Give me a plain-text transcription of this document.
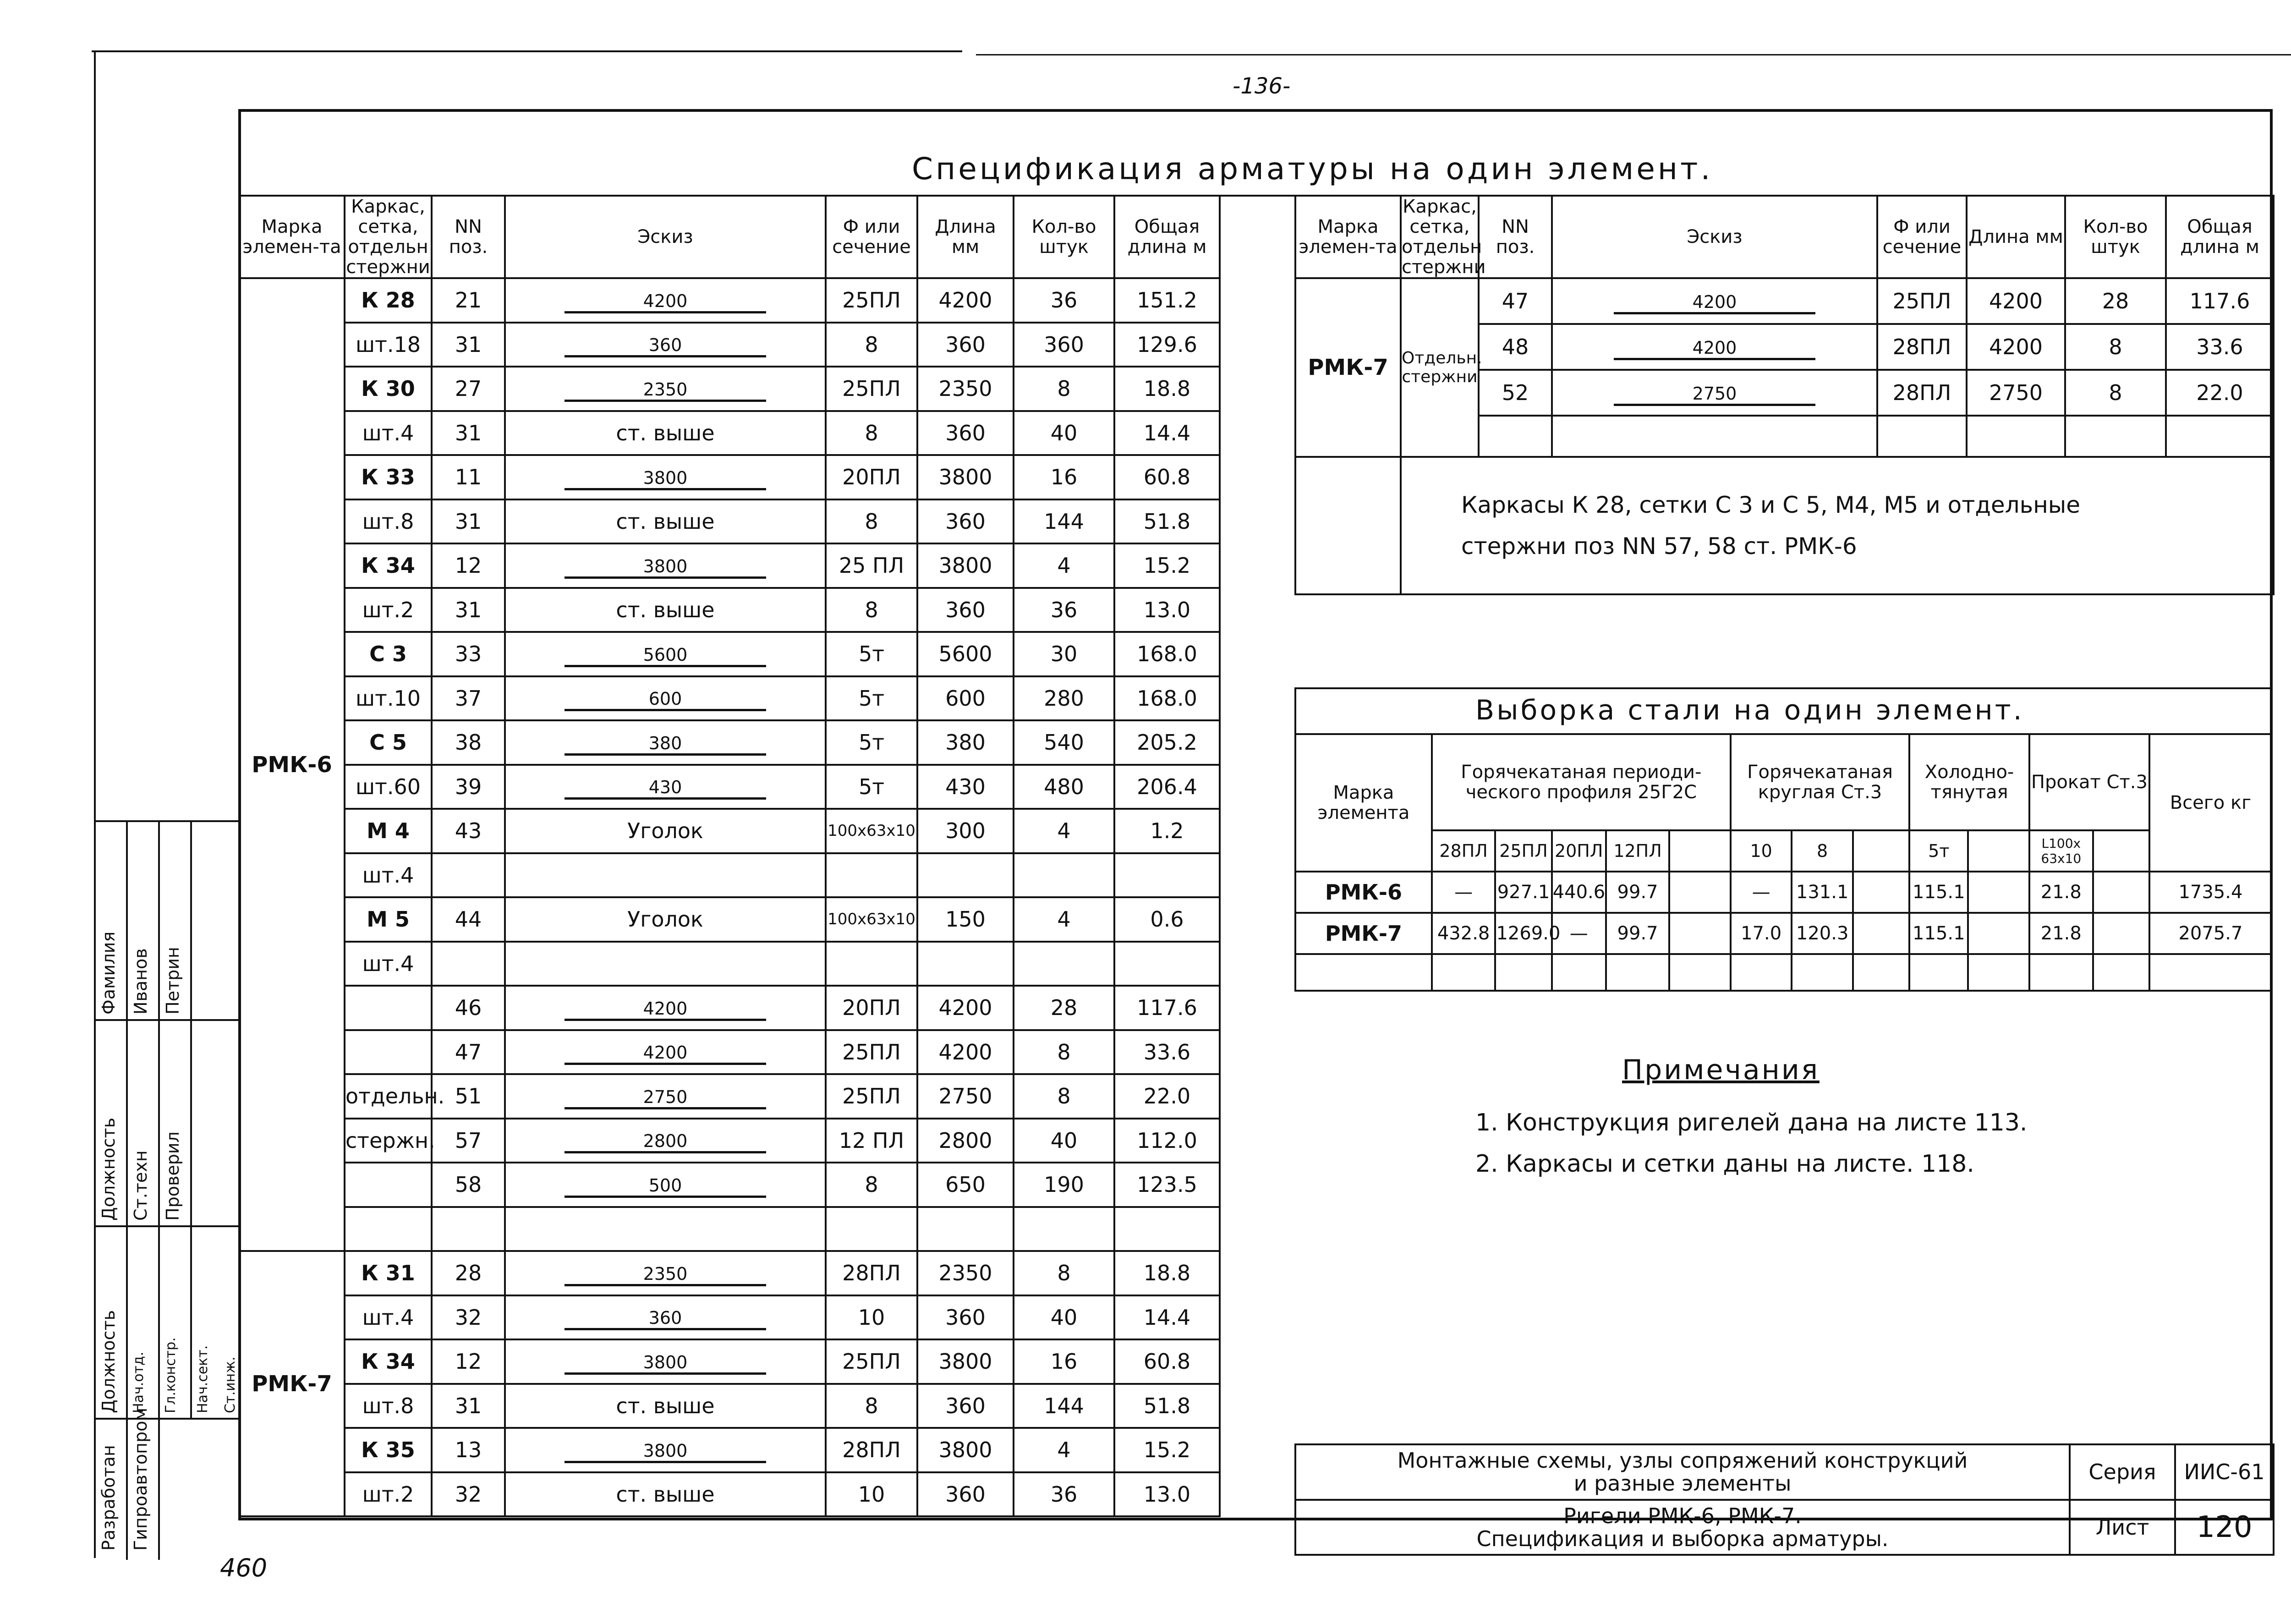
-136-
Спецификация арматуры на один элемент.
Марка элемен-та	Каркас, сетка, отдельн стержни	NN поз.	Эскиз	Ф или сечение	Длина мм	Кол-во штук	Общая длина м
РМК-6	К 28	21	4200	25ПЛ	4200	36	151.2
	шт.18	31	360	8	360	360	129.6
	К 30	27	2350	25ПЛ	2350	8	18.8
	шт.4	31	ст. выше	8	360	40	14.4
	К 33	11	3800	20ПЛ	3800	16	60.8
	шт.8	31	ст. выше	8	360	144	51.8
	К 34	12	3800	25 ПЛ	3800	4	15.2
	шт.2	31	ст. выше	8	360	36	13.0
	С 3	33	5600	5т	5600	30	168.0
	шт.10	37	600	5т	600	280	168.0
	С 5	38	380	5т	380	540	205.2
	шт.60	39	430	5т	430	480	206.4
	М 4	43	Уголок	100х63х10	300	4	1.2
	шт.4						
	М 5	44	Уголок	100х63х10	150	4	0.6
	шт.4						
		46	4200	20ПЛ	4200	28	117.6
		47	4200	25ПЛ	4200	8	33.6
	отдельн.	51	2750	25ПЛ	2750	8	22.0
	стержн.	57	2800	12 ПЛ	2800	40	112.0
		58	500	8	650	190	123.5

РМК-7	К 31	28	2350	28ПЛ	2350	8	18.8
	шт.4	32	360	10	360	40	14.4
	К 34	12	3800	25ПЛ	3800	16	60.8
	шт.8	31	ст. выше	8	360	144	51.8
	К 35	13	3800	28ПЛ	3800	4	15.2
	шт.2	32	ст. выше	10	360	36	13.0
Марка элемен-та	Каркас, сетка, отдельн стержни	NN поз.	Эскиз	Ф или сечение	Длина мм	Кол-во штук	Общая длина м
РМК-7	Отдельн. стержни	47	4200	25ПЛ	4200	28	117.6
		48	4200	28ПЛ	4200	8	33.6
		52	2750	28ПЛ	2750	8	22.0

	Каркасы К 28, сетки С 3 и С 5, М4, М5 и отдельные
стержни поз NN 57, 58 ст. РМК-6						
Выборка стали на один элемент.

Марка элемента	Горячекатаная периоди-ческого профиля 25Г2С					Горячекатаная круглая Ст.3			Холодно-тянутая		Прокат Ст.3		Всего кг
	28ПЛ	25ПЛ	20ПЛ	12ПЛ		10	8		5т		L100х 63х10		
РМК-6	—	927.1	440.6	99.7		—	131.1		115.1		21.8		1735.4
РМК-7	432.8	1269.0	—	99.7		17.0	120.3		115.1		21.8		2075.7

Примечания
1. Конструкция ригелей дана на листе 113.
2. Каркасы и сетки даны на листе. 118.
Монтажные схемы, узлы сопряжений конструкций
и разные элементы	Серия	ИИС-61

Ригели РМК-6, РМК-7.
Спецификация и выборка арматуры.	Лист	120
Разработан Гипроавтопром
Должность
Фамилия
Ст.техн
Иванов
Проверил
Петрин
Должность Нач.отд. Гл.констр. Нач.сект. Ст.инж.
460
